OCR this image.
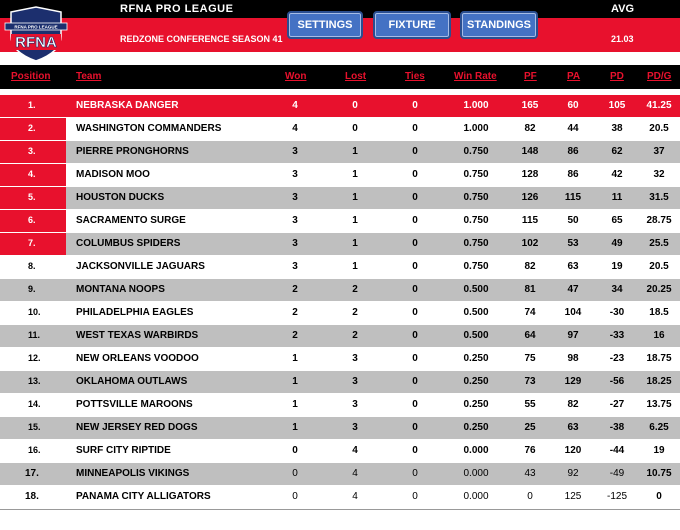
RFNA PRO LEAGUE
RFNA
RFNA PRO LEAGUE
REDZONE CONFERENCE SEASON 41
AVG
21.03
SETTINGS	FIXTURE	STANDINGS
Position	Team	Won	Lost	Ties	Win Rate	PF	PA	PD PD/G
1.	NEBRASKA DANGER	4	0	0	1.000	165	60	105 41.25
2.	WASHINGTON COMMANDERS	4	0	0	1.000	82	44	38	20.5
3.	PIERRE PRONGHORNS	3	1	0	0.750	148	86	62	37
4.	MADISON MOO	3	1	0	0.750	128	86	42	32
5.	HOUSTON DUCKS	3	1	0	0.750	126	115	11	31.5
6.	SACRAMENTO SURGE	3	1	0	0.750	115	50	65 28.75
7.	COLUMBUS SPIDERS	3	1	0	0.750	102	53	49	25.5
8.	JACKSONVILLE JAGUARS	3	1	0	0.750	82	63	19	20.5
9.	MONTANA NOOPS	2	2	0	0.500	81	47	34 20.25
10.	PHILADELPHIA EAGLES	2	2	0	0.500	74	104	-30	18.5
11.	WEST TEXAS WARBIRDS	2	2	0	0.500	64	97	-33	16
12.	NEW ORLEANS VOODOO	1	3	0	0.250	75	98	-23 18.75
13.	OKLAHOMA OUTLAWS	1	3	0	0.250	73	129	-56 18.25
14.	POTTSVILLE MAROONS	1	3	0	0.250	55	82	-27 13.75
15.	NEW JERSEY RED DOGS	1	3	0	0.250	25	63	-38	6.25
16.	SURF CITY RIPTIDE	0	4	0	0.000	76	120	-44	19
17.	MINNEAPOLIS VIKINGS	0	4	0	0.000	43	92	-49 10.75
18.	PANAMA CITY ALLIGATORS	0	4	0	0.000	0	125	-125	0
